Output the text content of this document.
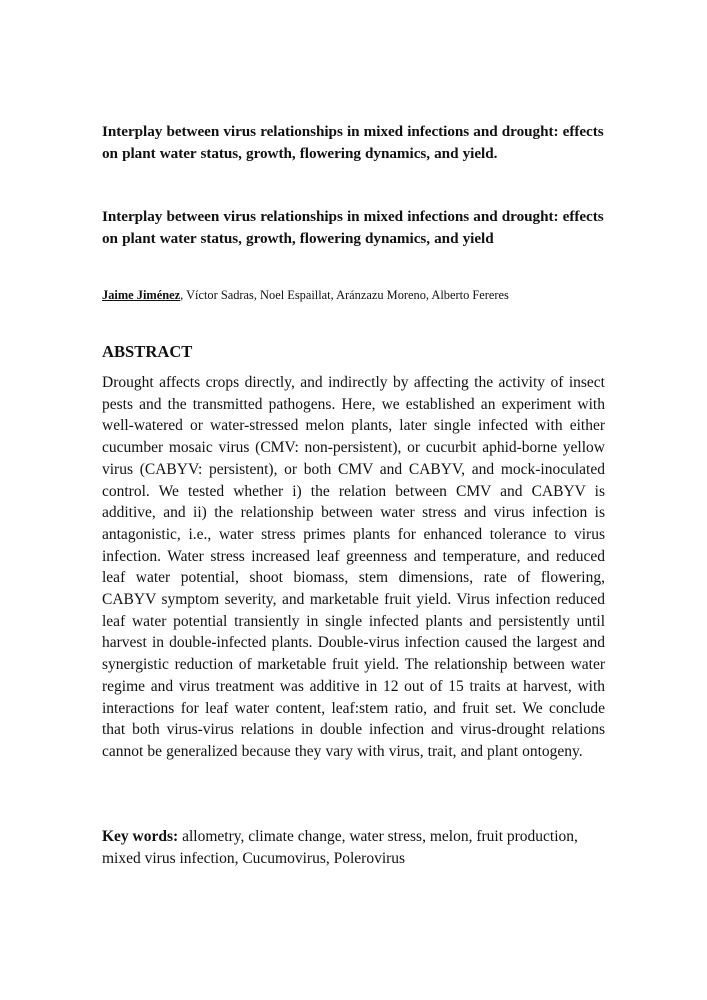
Interplay between virus relationships in mixed infections and drought: effects on plant water status, growth, flowering dynamics, and yield.
Interplay between virus relationships in mixed infections and drought: effects on plant water status, growth, flowering dynamics, and yield
Jaime Jiménez, Víctor Sadras, Noel Espaillat, Aránzazu Moreno, Alberto Fereres
ABSTRACT

Drought affects crops directly, and indirectly by affecting the activity of insect pests and the transmitted pathogens. Here, we established an experiment with well-watered or water-stressed melon plants, later single infected with either cucumber mosaic virus (CMV: non-persistent), or cucurbit aphid-borne yellow virus (CABYV: persistent), or both CMV and CABYV, and mock-inoculated control. We tested whether i) the relation between CMV and CABYV is additive, and ii) the relationship between water stress and virus infection is antagonistic, i.e., water stress primes plants for enhanced tolerance to virus infection. Water stress increased leaf greenness and temperature, and reduced leaf water potential, shoot biomass, stem dimensions, rate of flowering, CABYV symptom severity, and marketable fruit yield. Virus infection reduced leaf water potential transiently in single infected plants and persistently until harvest in double-infected plants. Double-virus infection caused the largest and synergistic reduction of marketable fruit yield. The relationship between water regime and virus treatment was additive in 12 out of 15 traits at harvest, with interactions for leaf water content, leaf:stem ratio, and fruit set. We conclude that both virus-virus relations in double infection and virus-drought relations cannot be generalized because they vary with virus, trait, and plant ontogeny.

Key words: allometry, climate change, water stress, melon, fruit production, mixed virus infection, Cucumovirus, Polerovirus
